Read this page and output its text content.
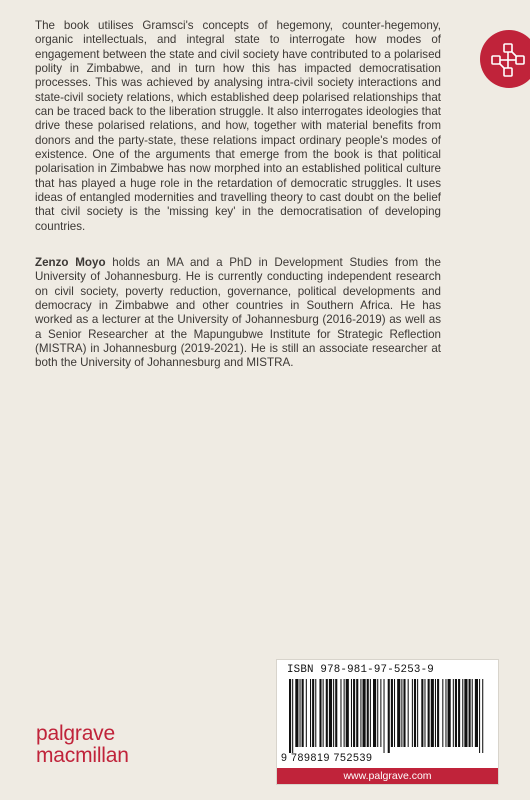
The book utilises Gramsci's concepts of hegemony, counter-hegemony, organic intellectuals, and integral state to interrogate how modes of engagement between the state and civil society have contributed to a polarised polity in Zimbabwe, and in turn how this has impacted democratisation processes. This was achieved by analysing intra-civil society interactions and state-civil society relations, which established deep polarised relationships that can be traced back to the liberation struggle. It also interrogates ideologies that drive these polarised relations, and how, together with material benefits from donors and the party-state, these relations impact ordinary people's modes of existence. One of the arguments that emerge from the book is that political polarisation in Zimbabwe has now morphed into an established political culture that has played a huge role in the retardation of democratic struggles. It uses ideas of entangled modernities and travelling theory to cast doubt on the belief that civil society is the 'missing key' in the democratisation of developing countries.

Zenzo Moyo holds an MA and a PhD in Development Studies from the University of Johannesburg. He is currently conducting independent research on civil society, poverty reduction, governance, political developments and democracy in Zimbabwe and other countries in Southern Africa. He has worked as a lecturer at the University of Johannesburg (2016-2019) as well as a Senior Researcher at the Mapungubwe Institute for Strategic Reflection (MISTRA) in Johannesburg (2019-2021). He is still an associate researcher at both the University of Johannesburg and MISTRA.

palgrave
macmillan
ISBN 978-981-97-5253-9
9 789819 752539
www.palgrave.com
